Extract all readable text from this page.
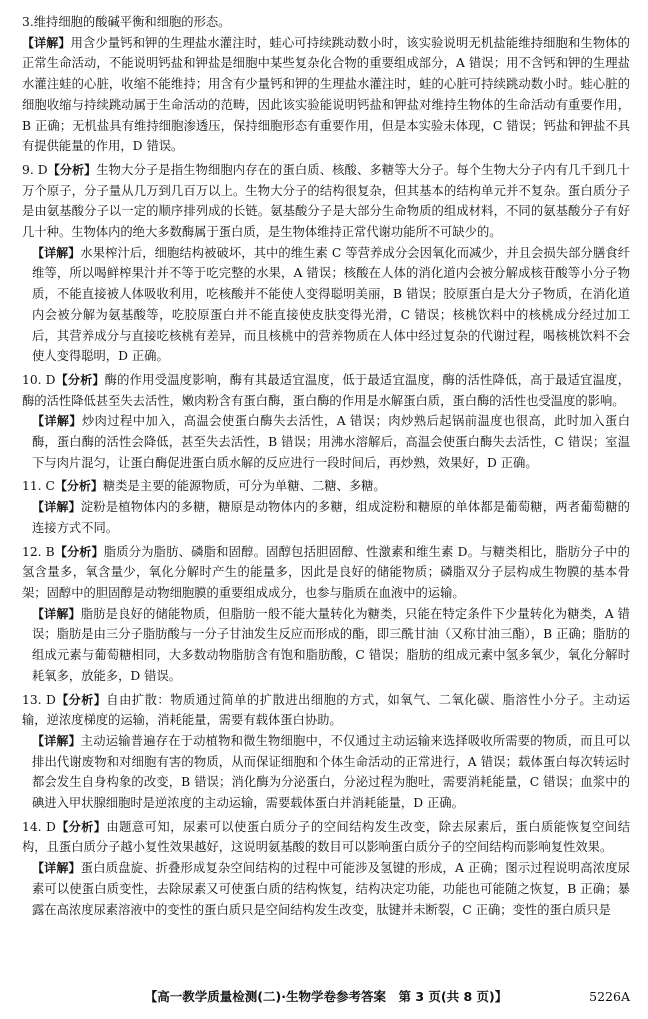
3.维持细胞的酸碱平衡和细胞的形态。

【详解】用含少量钙和钾的生理盐水灌注时，蛙心可持续跳动数小时，该实验说明无机盐能维持细胞和生物体的正常生命活动，不能说明钙盐和钾盐是细胞中某些复杂化合物的重要组成部分，A 错误；用不含钙和钾的生理盐水灌注蛙的心脏，收缩不能维持；用含有少量钙和钾的生理盐水灌注时，蛙的心脏可持续跳动数小时。蛙心脏的细胞收缩与持续跳动属于生命活动的范畴，因此该实验能说明钙盐和钾盐对维持生物体的生命活动有重要作用，B 正确；无机盐具有维持细胞渗透压，保持细胞形态有重要作用，但是本实验未体现，C 错误；钙盐和钾盐不具有提供能量的作用，D 错误。

9. D【分析】生物大分子是指生物细胞内存在的蛋白质、核酸、多糖等大分子。每个生物大分子内有几千到几十万个原子，分子量从几万到几百万以上。生物大分子的结构很复杂，但其基本的结构单元并不复杂。蛋白质分子是由氨基酸分子以一定的顺序排列成的长链。氨基酸分子是大部分生命物质的组成材料，不同的氨基酸分子有好几十种。生物体内的绝大多数酶属于蛋白质，是生物体维持正常代谢功能所不可缺少的。

【详解】水果榨汁后，细胞结构被破坏，其中的维生素 C 等营养成分会因氧化而减少，并且会损失部分膳食纤维等，所以喝鲜榨果汁并不等于吃完整的水果，A 错误；核酸在人体的消化道内会被分解成核苷酸等小分子物质，不能直接被人体吸收利用，吃核酸并不能使人变得聪明美丽，B 错误；胶原蛋白是大分子物质，在消化道内会被分解为氨基酸等，吃胶原蛋白并不能直接使皮肤变得光滑，C 错误；核桃饮料中的核桃成分经过加工后，其营养成分与直接吃核桃有差异，而且核桃中的营养物质在人体中经过复杂的代谢过程，喝核桃饮料不会使人变得聪明，D 正确。

10. D【分析】酶的作用受温度影响，酶有其最适宜温度，低于最适宜温度，酶的活性降低，高于最适宜温度，酶的活性降低甚至失去活性，嫩肉粉含有蛋白酶，蛋白酶的作用是水解蛋白质，蛋白酶的活性也受温度的影响。

【详解】炒肉过程中加入，高温会使蛋白酶失去活性，A 错误；肉炒熟后起锅前温度也很高，此时加入蛋白酶，蛋白酶的活性会降低，甚至失去活性，B 错误；用沸水溶解后，高温会使蛋白酶失去活性，C 错误；室温下与肉片混匀，让蛋白酶促进蛋白质水解的反应进行一段时间后，再炒熟，效果好，D 正确。

11. C【分析】糖类是主要的能源物质，可分为单糖、二糖、多糖。

【详解】淀粉是植物体内的多糖，糖原是动物体内的多糖，组成淀粉和糖原的单体都是葡萄糖，两者葡萄糖的连接方式不同。

12. B【分析】脂质分为脂肪、磷脂和固醇。固醇包括胆固醇、性激素和维生素 D。与糖类相比，脂肪分子中的氢含量多，氧含量少，氧化分解时产生的能量多，因此是良好的储能物质；磷脂双分子层构成生物膜的基本骨架；固醇中的胆固醇是动物细胞膜的重要组成成分，也参与脂质在血液中的运输。

【详解】脂肪是良好的储能物质，但脂肪一般不能大量转化为糖类，只能在特定条件下少量转化为糖类，A 错误；脂肪是由三分子脂肪酸与一分子甘油发生反应而形成的酯，即三酰甘油（又称甘油三酯），B 正确；脂肪的组成元素与葡萄糖相同，大多数动物脂肪含有饱和脂肪酸，C 错误；脂肪的组成元素中氢多氧少，氧化分解时耗氧多，放能多，D 错误。

13. D【分析】自由扩散：物质通过简单的扩散进出细胞的方式，如氧气、二氧化碳、脂溶性小分子。主动运输，逆浓度梯度的运输，消耗能量，需要有载体蛋白协助。

【详解】主动运输普遍存在于动植物和微生物细胞中，不仅通过主动运输来选择吸收所需要的物质，而且可以排出代谢废物和对细胞有害的物质，从而保证细胞和个体生命活动的正常进行，A 错误；载体蛋白每次转运时都会发生自身构象的改变，B 错误；消化酶为分泌蛋白，分泌过程为胞吐，需要消耗能量，C 错误；血浆中的碘进入甲状腺细胞时是逆浓度的主动运输，需要载体蛋白并消耗能量，D 正确。

14. D【分析】由题意可知，尿素可以使蛋白质分子的空间结构发生改变，除去尿素后，蛋白质能恢复空间结构，且蛋白质分子越小复性效果越好，这说明氨基酸的数目可以影响蛋白质分子的空间结构而影响复性效果。

【详解】蛋白质盘旋、折叠形成复杂空间结构的过程中可能涉及氢键的形成，A 正确；图示过程说明高浓度尿素可以使蛋白质变性，去除尿素又可使蛋白质的结构恢复，结构决定功能，功能也可能随之恢复，B 正确；暴露在高浓度尿素溶液中的变性的蛋白质只是空间结构发生改变，肽键并未断裂，C 正确；变性的蛋白质只是

【高一教学质量检测(二)·生物学卷参考答案　第 3 页(共 8 页)】	5226A
